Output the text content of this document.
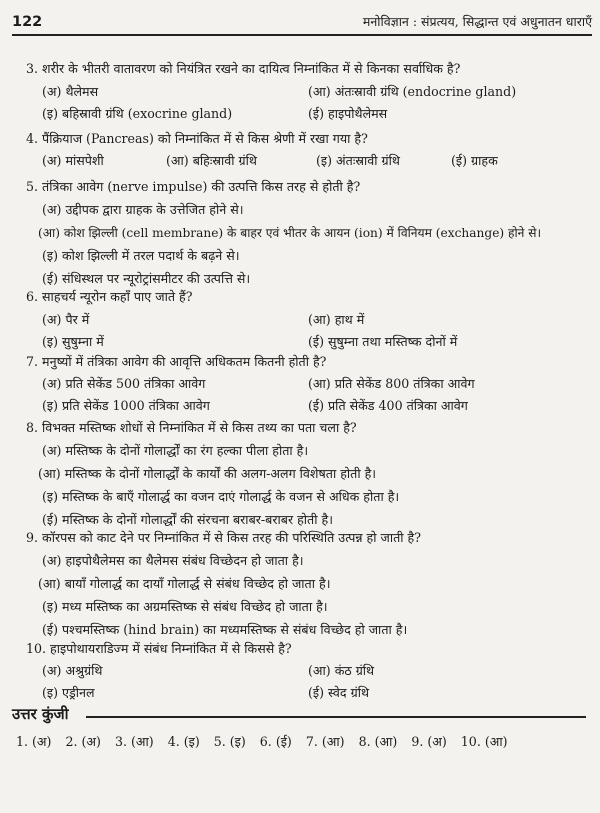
122	मनोविज्ञान : संप्रत्यय, सिद्धान्त एवं अधुनातन धाराएँ
3. शरीर के भीतरी वातावरण को नियंत्रित रखने का दायित्व निम्नांकित में से किनका सर्वाधिक है?
(अ) थैलेमस	(आ) अंतःस्रावी ग्रंथि (endocrine gland)
(इ) बहिस्रावी ग्रंथि (exocrine gland)	(ई) हाइपोथैलेमस
4. पैंक्रियाज (Pancreas) को निम्नांकित में से किस श्रेणी में रखा गया है?
(अ) मांसपेशी	(आ) बहिःस्रावी ग्रंथि	(इ) अंतःस्रावी ग्रंथि	(ई) ग्राहक
5. तंत्रिका आवेग (nerve impulse) की उत्पत्ति किस तरह से होती है?
(अ) उद्दीपक द्वारा ग्राहक के उत्तेजित होने से।
(आ) कोश झिल्ली (cell membrane) के बाहर एवं भीतर के आयन (ion) में विनियम (exchange) होने से।
(इ) कोश झिल्ली में तरल पदार्थ के बढ़ने से।
(ई) संधिस्थल पर न्यूरोट्रांसमीटर की उत्पत्ति से।
6. साहचर्य न्यूरोन कहाँ पाए जाते हैं?
(अ) पैर में	(आ) हाथ में
(इ) सुषुम्ना में	(ई) सुषुम्ना तथा मस्तिष्क दोनों में
7. मनुष्यों में तंत्रिका आवेग की आवृत्ति अधिकतम कितनी होती है?
(अ) प्रति सेकेंड 500 तंत्रिका आवेग	(आ) प्रति सेकेंड 800 तंत्रिका आवेग
(इ) प्रति सेकेंड 1000 तंत्रिका आवेग	(ई) प्रति सेकेंड 400 तंत्रिका आवेग
8. विभक्त मस्तिष्क शोधों से निम्नांकित में से किस तथ्य का पता चला है?
(अ) मस्तिष्क के दोनों गोलार्द्धों का रंग हल्का पीला होता है।
(आ) मस्तिष्क के दोनों गोलार्द्धों के कार्यों की अलग-अलग विशेषता होती है।
(इ) मस्तिष्क के बाएँ गोलार्द्ध का वजन दाएं गोलार्द्ध के वजन से अधिक होता है।
(ई) मस्तिष्क के दोनों गोलार्द्धों की संरचना बराबर-बराबर होती है।
9. कॉरपस को काट देने पर निम्नांकित में से किस तरह की परिस्थिति उत्पन्न हो जाती है?
(अ) हाइपोथैलेमस का थैलेमस संबंध विच्छेदन हो जाता है।
(आ) बायाँ गोलार्द्ध का दायाँ गोलार्द्ध से संबंध विच्छेद हो जाता है।
(इ) मध्य मस्तिष्क का अग्रमस्तिष्क से संबंध विच्छेद हो जाता है।
(ई) पश्चमस्तिष्क (hind brain) का मध्यमस्तिष्क से संबंध विच्छेद हो जाता है।
10. हाइपोथायराडिज्म में संबंध निम्नांकित में से किससे है?
(अ) अश्रुग्रंथि	(आ) कंठ ग्रंथि
(इ) एड्रीनल	(ई) स्वेद ग्रंथि
उत्तर कुंजी
1. (अ) 2. (अ) 3. (आ) 4. (इ) 5. (इ) 6. (ई) 7. (आ) 8. (आ) 9. (अ) 10. (आ)
